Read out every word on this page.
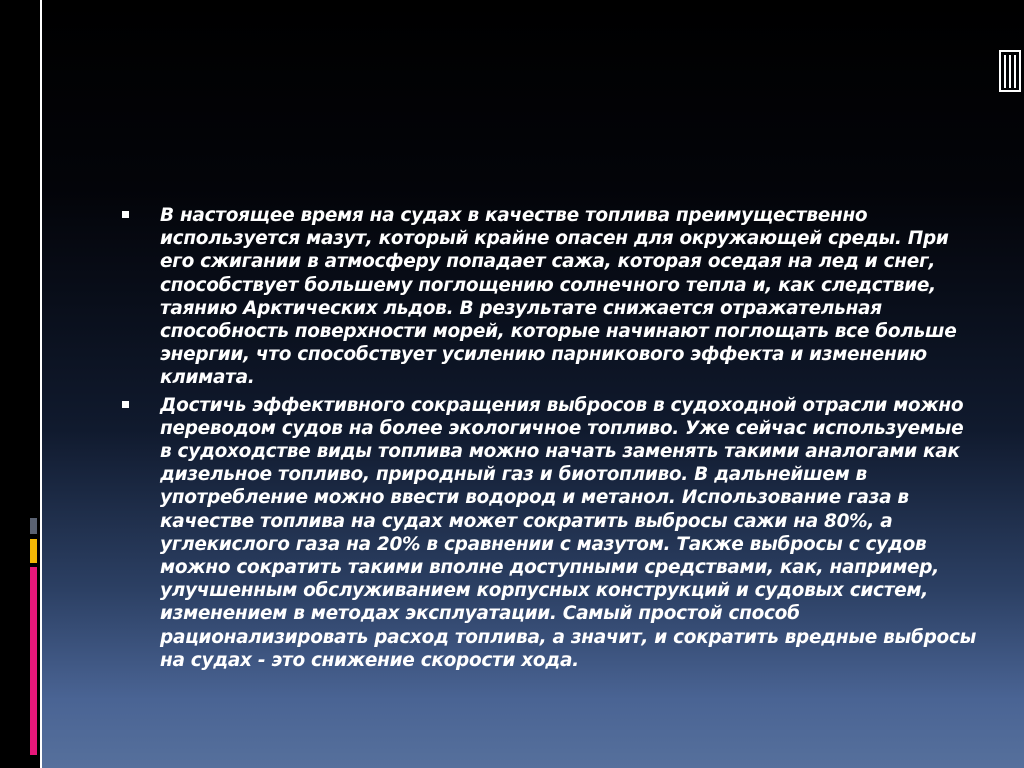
В настоящее время на судах в качестве топлива преимущественно используется мазут, который крайне опасен для окружающей среды. При его сжигании в атмосферу попадает сажа, которая оседая на лед и снег, способствует большему поглощению солнечного тепла и, как следствие, таянию Арктических льдов. В результате снижается отражательная способность поверхности морей, которые начинают поглощать все больше энергии, что способствует усилению парникового эффекта и изменению климата.
Достичь эффективного сокращения выбросов в судоходной отрасли можно переводом судов на более экологичное топливо. Уже сейчас используемые в судоходстве виды топлива можно начать заменять такими аналогами как дизельное топливо, природный газ и биотопливо. В дальнейшем в употребление можно ввести водород и метанол. Использование газа в качестве топлива на судах может сократить выбросы сажи на 80%, а углекислого газа на 20% в сравнении с мазутом. Также выбросы с судов можно сократить такими вполне доступными средствами, как, например, улучшенным обслуживанием корпусных конструкций и судовых систем, изменением в методах эксплуатации. Самый простой способ рационализировать расход топлива, а значит, и сократить вредные выбросы на судах - это снижение скорости хода.
